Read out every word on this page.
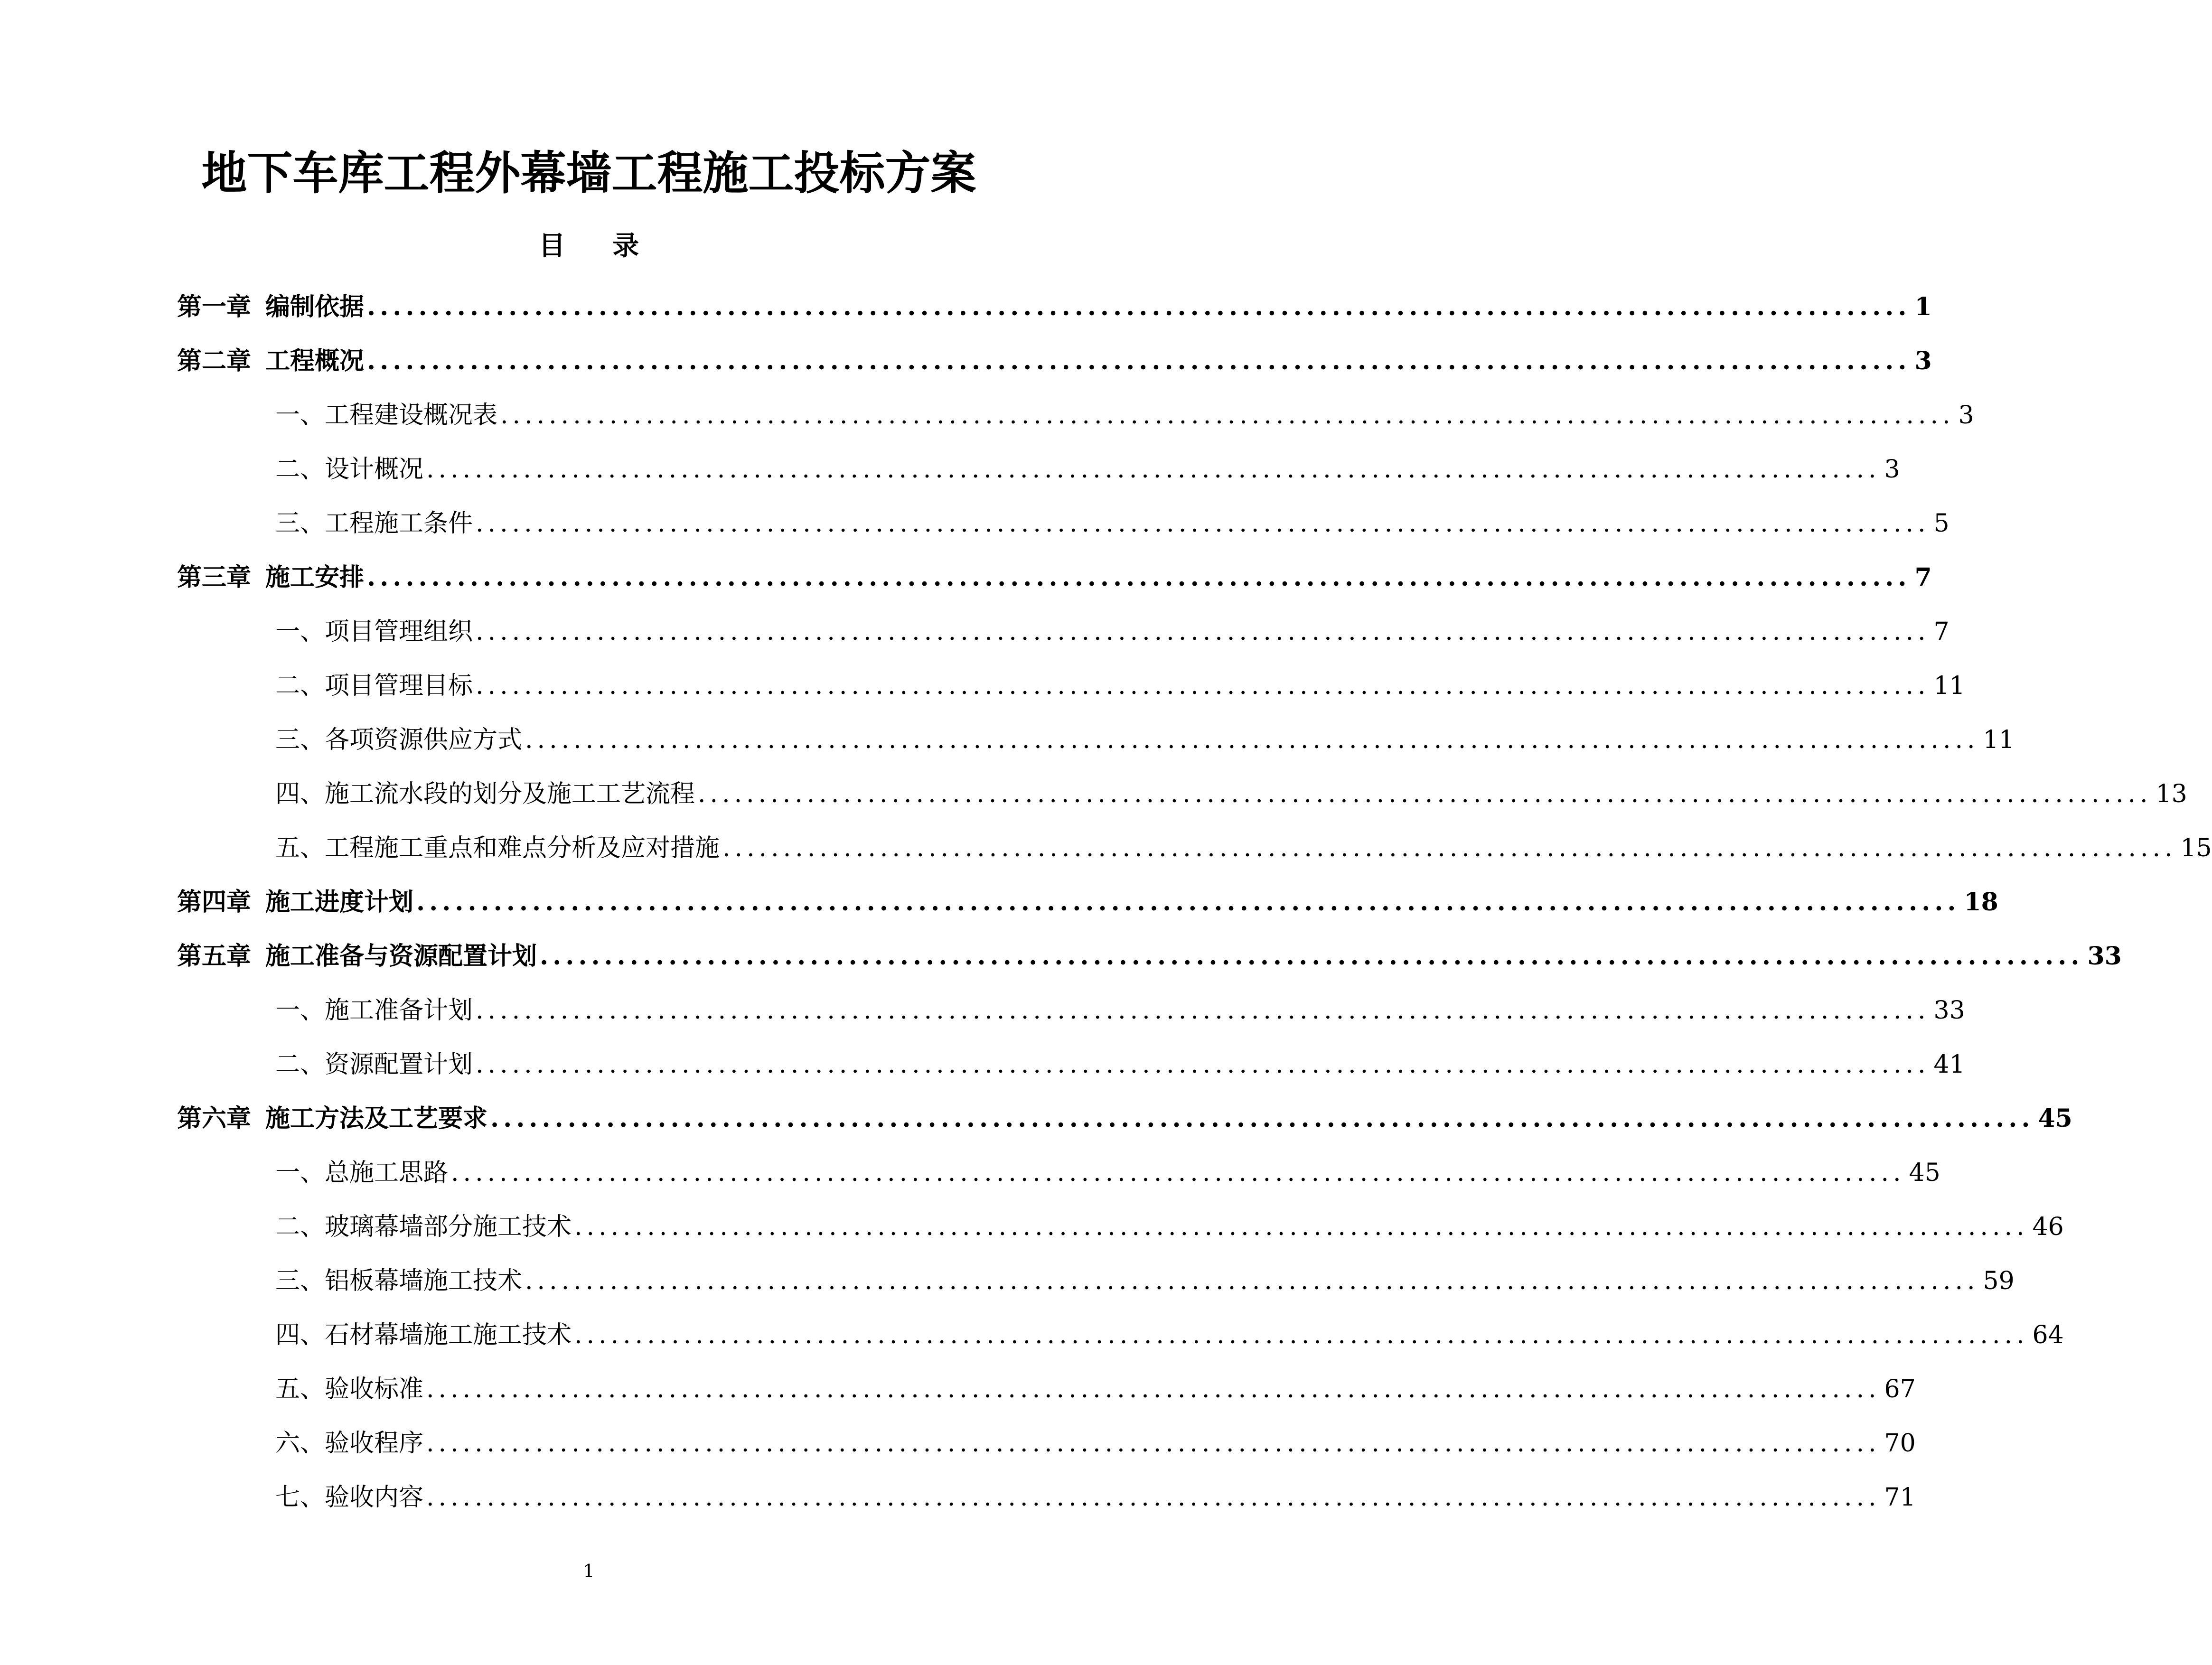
地下车库工程外幕墙工程施工投标方案
目 录
第一章 编制依据 ........................................................................................................................ 1
第二章 工程概况 ........................................................................................................................ 3
一、工程建设概况表 ........................................................................................................................ 3
二、设计概况 ........................................................................................................................ 3
三、工程施工条件 ........................................................................................................................ 5
第三章 施工安排 ........................................................................................................................ 7
一、项目管理组织 ........................................................................................................................ 7
二、项目管理目标 ........................................................................................................................ 11
三、各项资源供应方式 ........................................................................................................................ 11
四、施工流水段的划分及施工工艺流程 ........................................................................................................................ 13
五、工程施工重点和难点分析及应对措施 ........................................................................................................................ 15
第四章 施工进度计划 ........................................................................................................................ 18
第五章 施工准备与资源配置计划 ........................................................................................................................ 33
一、施工准备计划 ........................................................................................................................ 33
二、资源配置计划 ........................................................................................................................ 41
第六章 施工方法及工艺要求 ........................................................................................................................ 45
一、总施工思路 ........................................................................................................................ 45
二、玻璃幕墙部分施工技术 ........................................................................................................................ 46
三、铝板幕墙施工技术 ........................................................................................................................ 59
四、石材幕墙施工施工技术 ........................................................................................................................ 64
五、验收标准 ........................................................................................................................ 67
六、验收程序 ........................................................................................................................ 70
七、验收内容 ........................................................................................................................ 71
1
